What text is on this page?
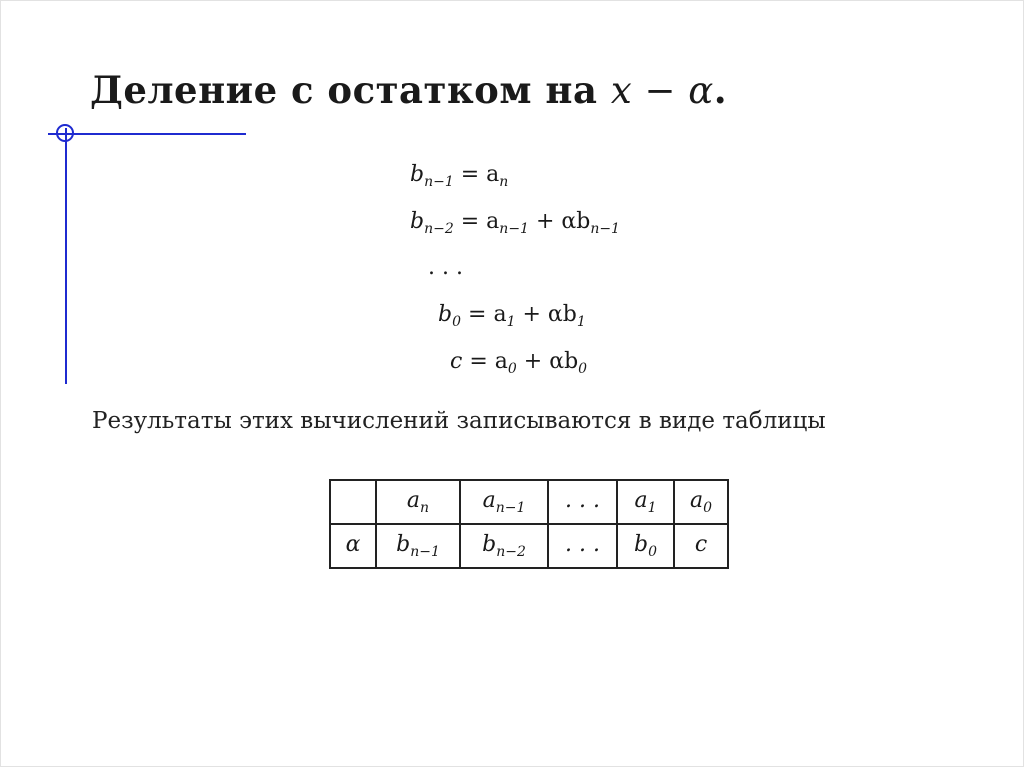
Деление с остатком на x − α.
$b_{n-1} = a_n$
$b_{n-2} = a_{n-1} + \alpha b_{n-1}$
. . .
$b_0 = a_1 + \alpha b_1$
$c = a_0 + \alpha b_0$
Результаты этих вычислений записываются в виде таблицы
	$a_n$	$a_{n-1}$	. . .	$a_1$	$a_0$
α	$b_{n-1}$	$b_{n-2}$	. . .	$b_0$	c
